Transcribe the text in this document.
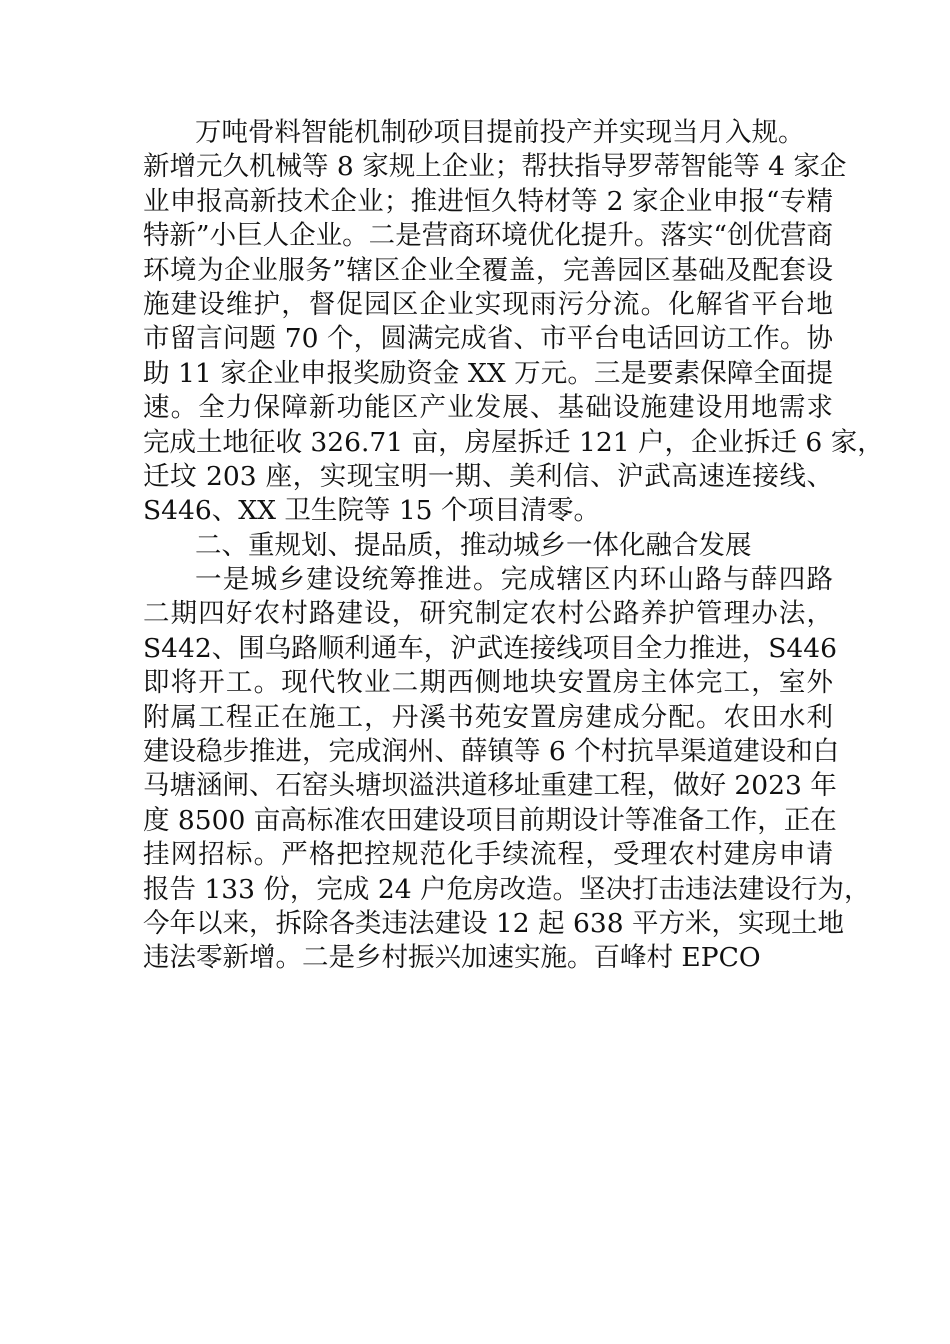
万吨骨料智能机制砂项目提前投产并实现当月入规。
新增元久机械等 8 家规上企业；帮扶指导罗蒂智能等 4 家企
业申报高新技术企业；推进恒久特材等 2 家企业申报“专精
特新”小巨人企业。二是营商环境优化提升。落实“创优营商
环境为企业服务”辖区企业全覆盖，完善园区基础及配套设
施建设维护，督促园区企业实现雨污分流。化解省平台地
市留言问题 70 个，圆满完成省、市平台电话回访工作。协
助 11 家企业申报奖励资金 XX 万元。三是要素保障全面提
速。全力保障新功能区产业发展、基础设施建设用地需求
完成土地征收 326.71 亩，房屋拆迁 121 户，企业拆迁 6 家，
迁坟 203 座，实现宝明一期、美利信、沪武高速连接线、
S446、XX 卫生院等 15 个项目清零。
二、重规划、提品质，推动城乡一体化融合发展
一是城乡建设统筹推进。完成辖区内环山路与薛四路
二期四好农村路建设，研究制定农村公路养护管理办法，
S442、围乌路顺利通车，沪武连接线项目全力推进，S446
即将开工。现代牧业二期西侧地块安置房主体完工，室外
附属工程正在施工，丹溪书苑安置房建成分配。农田水利
建设稳步推进，完成润州、薛镇等 6 个村抗旱渠道建设和白
马塘涵闸、石窑头塘坝溢洪道移址重建工程，做好 2023 年
度 8500 亩高标准农田建设项目前期设计等准备工作，正在
挂网招标。严格把控规范化手续流程，受理农村建房申请
报告 133 份，完成 24 户危房改造。坚决打击违法建设行为，
今年以来，拆除各类违法建设 12 起 638 平方米，实现土地
违法零新增。二是乡村振兴加速实施。百峰村 EPCO
